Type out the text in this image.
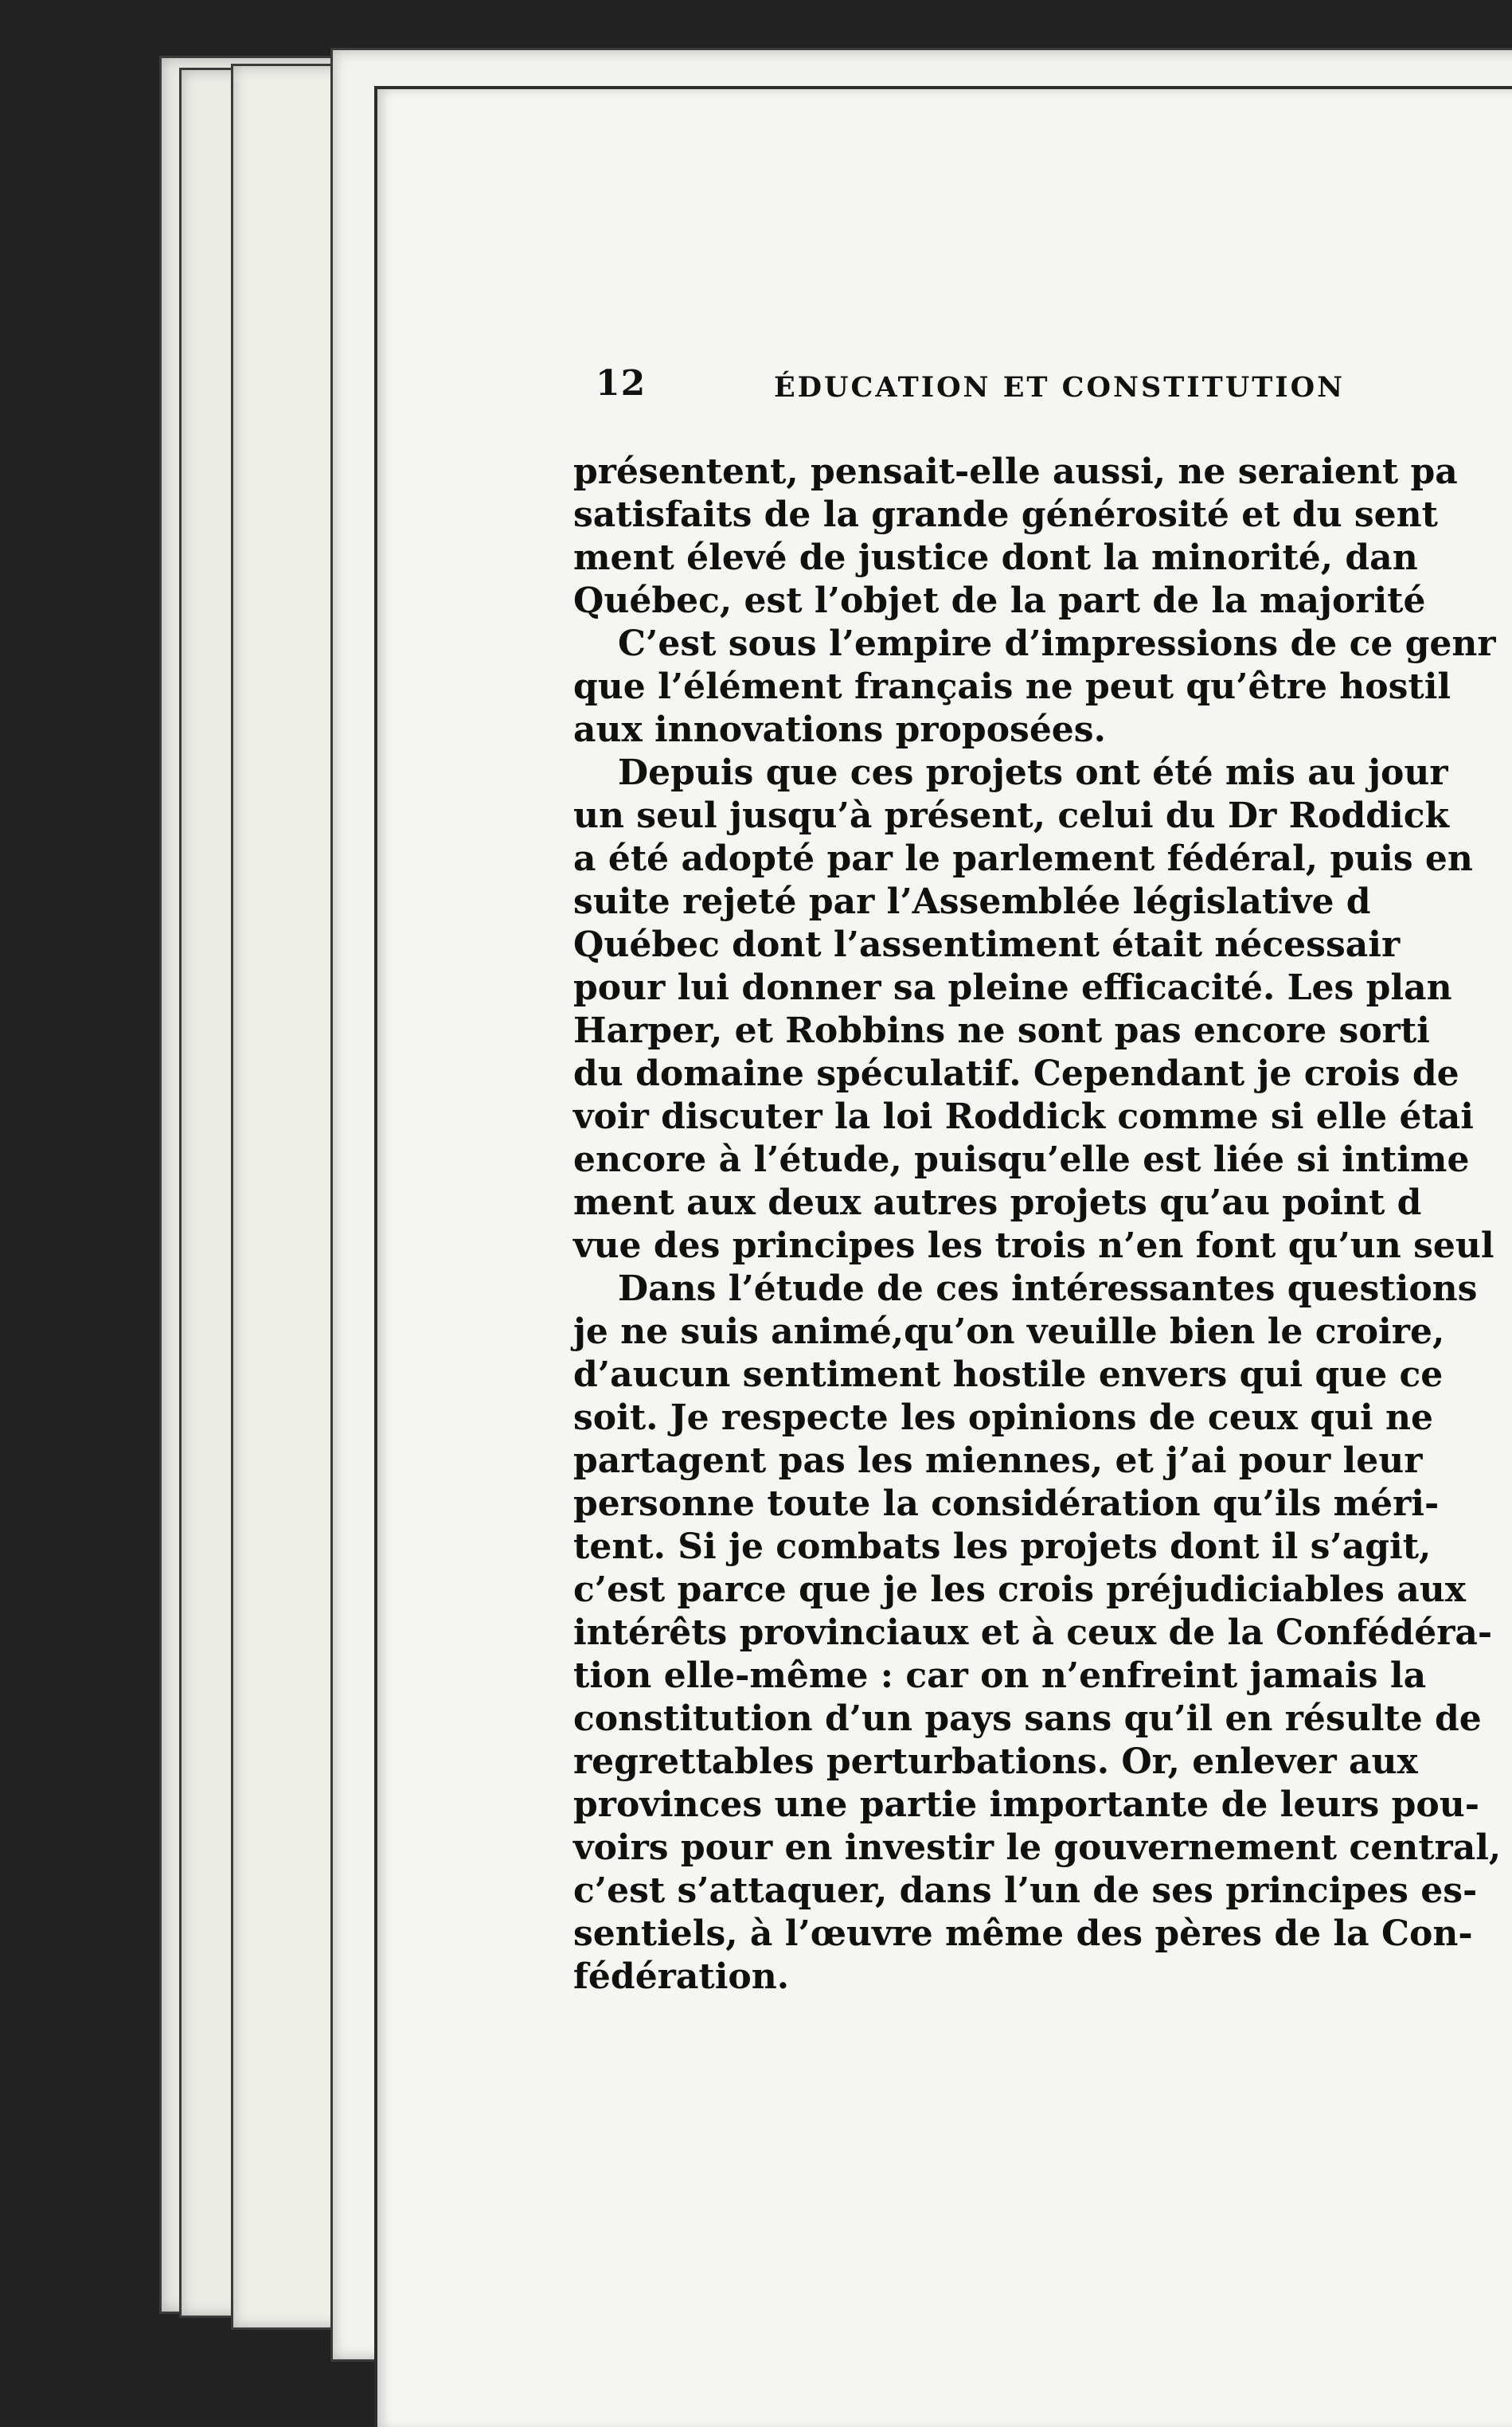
12	ÉDUCATION ET CONSTITUTION
présentent, pensait-elle aussi, ne seraient pa
satisfaits de la grande générosité et du sent
ment élevé de justice dont la minorité, dan
Québec, est l’objet de la part de la majorité
C’est sous l’empire d’impressions de ce genr
que l’élément français ne peut qu’être hostil
aux innovations proposées.
Depuis que ces projets ont été mis au jour
un seul jusqu’à présent, celui du Dr Roddick
a été adopté par le parlement fédéral, puis en
suite rejeté par l’Assemblée législative d
Québec dont l’assentiment était nécessair
pour lui donner sa pleine efficacité. Les plan
Harper, et Robbins ne sont pas encore sorti
du domaine spéculatif. Cependant je crois de
voir discuter la loi Roddick comme si elle étai
encore à l’étude, puisqu’elle est liée si intime
ment aux deux autres projets qu’au point d
vue des principes les trois n’en font qu’un seul
Dans l’étude de ces intéressantes questions
je ne suis animé,qu’on veuille bien le croire,
d’aucun sentiment hostile envers qui que ce
soit. Je respecte les opinions de ceux qui ne
partagent pas les miennes, et j’ai pour leur
personne toute la considération qu’ils méri-
tent. Si je combats les projets dont il s’agit,
c’est parce que je les crois préjudiciables aux
intérêts provinciaux et à ceux de la Confédéra-
tion elle-même : car on n’enfreint jamais la
constitution d’un pays sans qu’il en résulte de
regrettables perturbations. Or, enlever aux
provinces une partie importante de leurs pou-
voirs pour en investir le gouvernement central,
c’est s’attaquer, dans l’un de ses principes es-
sentiels, à l’œuvre même des pères de la Con-
fédération.
